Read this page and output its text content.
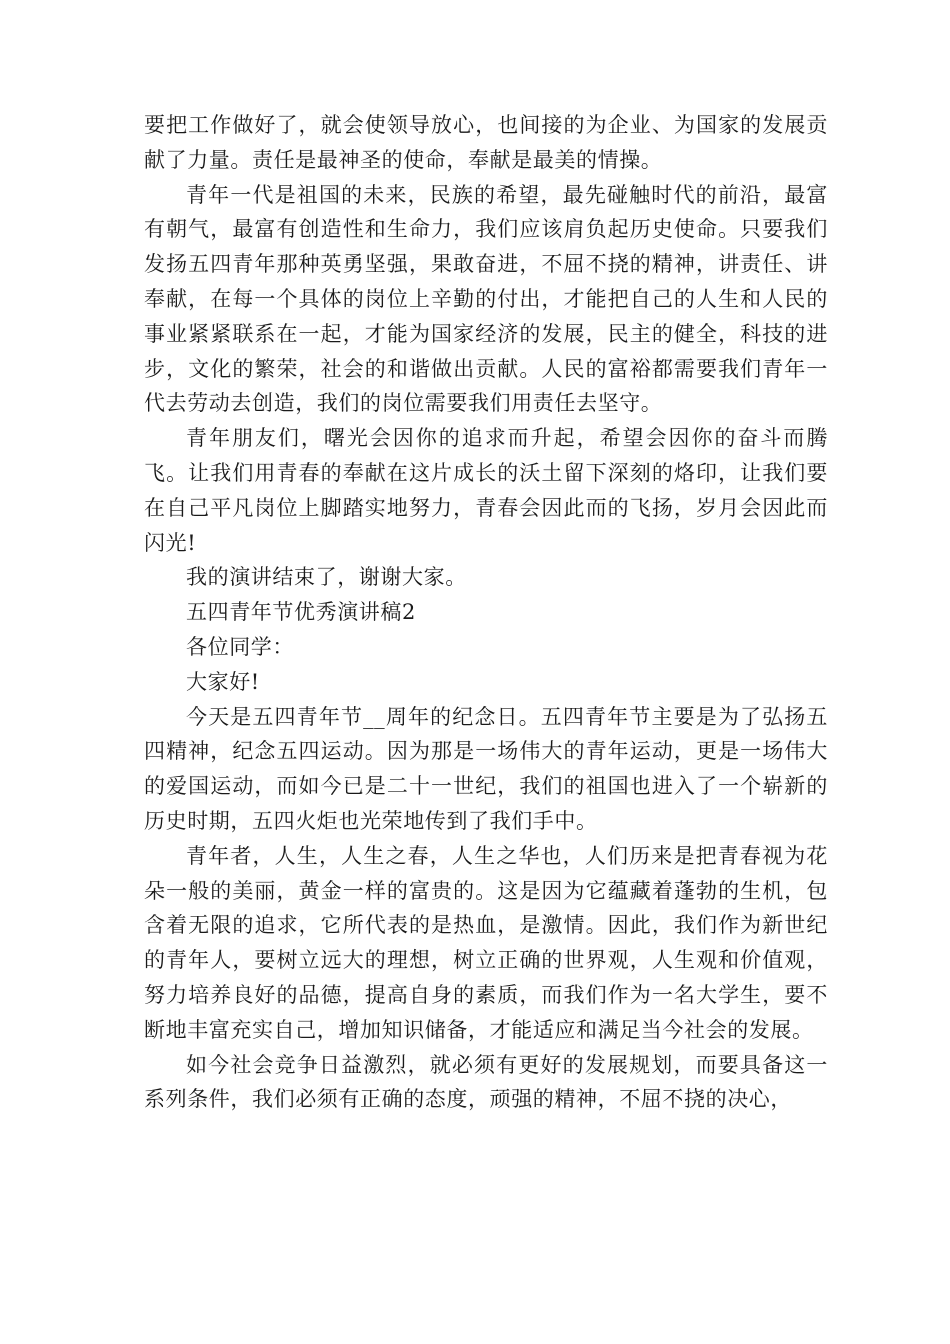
要把工作做好了，就会使领导放心，也间接的为企业、为国家的发展贡献了力量。责任是最神圣的使命，奉献是最美的情操。

青年一代是祖国的未来，民族的希望，最先碰触时代的前沿，最富有朝气，最富有创造性和生命力，我们应该肩负起历史使命。只要我们发扬五四青年那种英勇坚强，果敢奋进，不屈不挠的精神，讲责任、讲奉献，在每一个具体的岗位上辛勤的付出，才能把自己的人生和人民的事业紧紧联系在一起，才能为国家经济的发展，民主的健全，科技的进步，文化的繁荣，社会的和谐做出贡献。人民的富裕都需要我们青年一代去劳动去创造，我们的岗位需要我们用责任去坚守。

青年朋友们，曙光会因你的追求而升起，希望会因你的奋斗而腾飞。让我们用青春的奉献在这片成长的沃土留下深刻的烙印，让我们要在自己平凡岗位上脚踏实地努力，青春会因此而的飞扬，岁月会因此而闪光!

我的演讲结束了，谢谢大家。

五四青年节优秀演讲稿2

各位同学：

大家好!

今天是五四青年节__周年的纪念日。五四青年节主要是为了弘扬五四精神，纪念五四运动。因为那是一场伟大的青年运动，更是一场伟大的爱国运动，而如今已是二十一世纪，我们的祖国也进入了一个崭新的历史时期，五四火炬也光荣地传到了我们手中。

青年者，人生，人生之春，人生之华也，人们历来是把青春视为花朵一般的美丽，黄金一样的富贵的。这是因为它蕴藏着蓬勃的生机，包含着无限的追求，它所代表的是热血，是激情。因此，我们作为新世纪的青年人，要树立远大的理想，树立正确的世界观，人生观和价值观，努力培养良好的品德，提高自身的素质，而我们作为一名大学生，要不断地丰富充实自己，增加知识储备，才能适应和满足当今社会的发展。

如今社会竞争日益激烈，就必须有更好的发展规划，而要具备这一系列条件，我们必须有正确的态度，顽强的精神，不屈不挠的决心，
